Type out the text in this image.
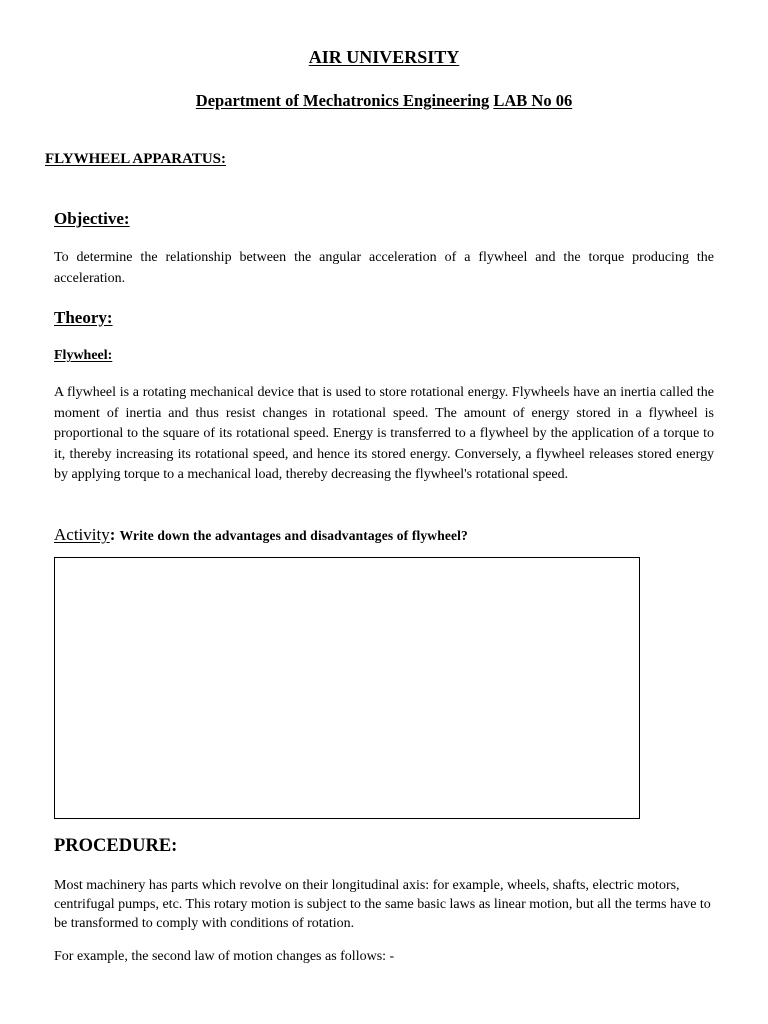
AIR UNIVERSITY
Department of Mechatronics Engineering LAB No 06
FLYWHEEL APPARATUS:
Objective:
To determine the relationship between the angular acceleration of a flywheel and the torque producing the acceleration.
Theory:
Flywheel:
A flywheel is a rotating mechanical device that is used to store rotational energy. Flywheels have an inertia called the moment of inertia and thus resist changes in rotational speed. The amount of energy stored in a flywheel is proportional to the square of its rotational speed. Energy is transferred to a flywheel by the application of a torque to it, thereby increasing its rotational speed, and hence its stored energy. Conversely, a flywheel releases stored energy by applying torque to a mechanical load, thereby decreasing the flywheel's rotational speed.
Activity: Write down the advantages and disadvantages of flywheel?
PROCEDURE:
Most machinery has parts which revolve on their longitudinal axis: for example, wheels, shafts, electric motors, centrifugal pumps, etc. This rotary motion is subject to the same basic laws as linear motion, but all the terms have to be transformed to comply with conditions of rotation.
For example, the second law of motion changes as follows: -
